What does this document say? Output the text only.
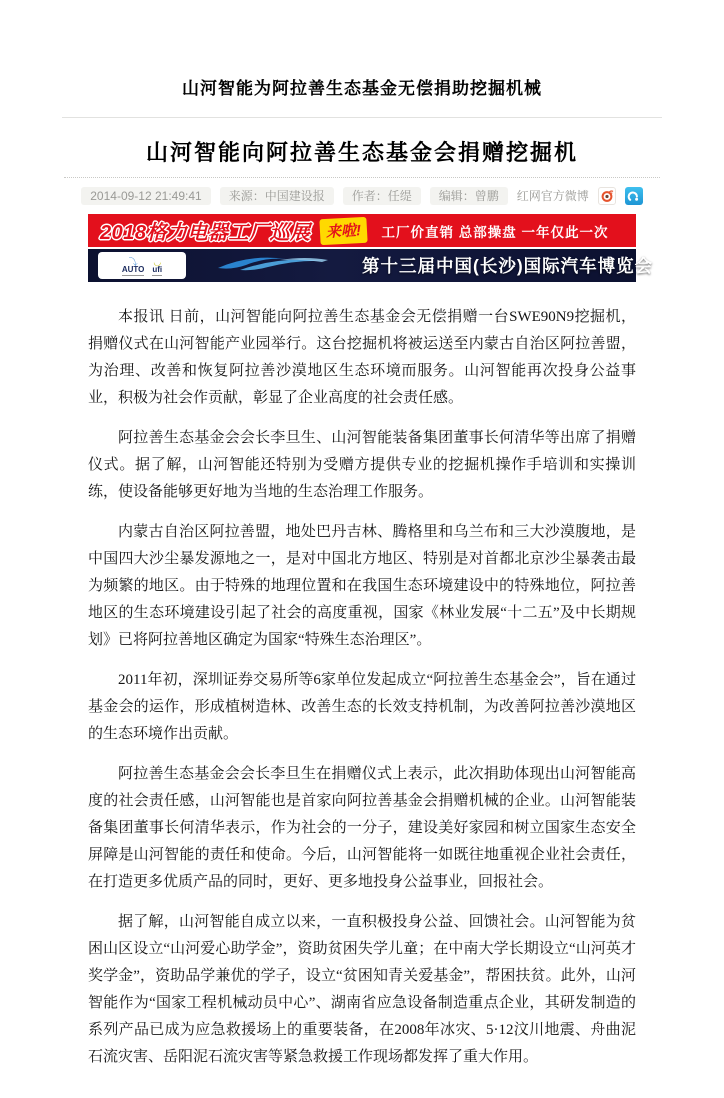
山河智能为阿拉善生态基金无偿捐助挖掘机械
山河智能向阿拉善生态基金会捐赠挖掘机
2014-09-12 21:49:41	来源：中国建设报	作者：任缇	编辑：曾鹏	红网官方微博
2018格力电器工厂巡展 来啦!	工厂价直销 总部操盘 一年仅此一次
⤵
AUTO
◡
ufi	第十三届中国(长沙)国际汽车博览会

本报讯 日前，山河智能向阿拉善生态基金会无偿捐赠一台SWE90N9挖掘机，捐赠仪式在山河智能产业园举行。这台挖掘机将被运送至内蒙古自治区阿拉善盟，为治理、改善和恢复阿拉善沙漠地区生态环境而服务。山河智能再次投身公益事业，积极为社会作贡献，彰显了企业高度的社会责任感。

阿拉善生态基金会会长李旦生、山河智能装备集团董事长何清华等出席了捐赠仪式。据了解，山河智能还特别为受赠方提供专业的挖掘机操作手培训和实操训练，使设备能够更好地为当地的生态治理工作服务。

内蒙古自治区阿拉善盟，地处巴丹吉林、腾格里和乌兰布和三大沙漠腹地，是中国四大沙尘暴发源地之一，是对中国北方地区、特别是对首都北京沙尘暴袭击最为频繁的地区。由于特殊的地理位置和在我国生态环境建设中的特殊地位，阿拉善地区的生态环境建设引起了社会的高度重视，国家《林业发展“十二五”及中长期规划》已将阿拉善地区确定为国家“特殊生态治理区”。

2011年初，深圳证券交易所等6家单位发起成立“阿拉善生态基金会”，旨在通过基金会的运作，形成植树造林、改善生态的长效支持机制，为改善阿拉善沙漠地区的生态环境作出贡献。

阿拉善生态基金会会长李旦生在捐赠仪式上表示，此次捐助体现出山河智能高度的社会责任感，山河智能也是首家向阿拉善基金会捐赠机械的企业。山河智能装备集团董事长何清华表示，作为社会的一分子，建设美好家园和树立国家生态安全屏障是山河智能的责任和使命。今后，山河智能将一如既往地重视企业社会责任，在打造更多优质产品的同时，更好、更多地投身公益事业，回报社会。

据了解，山河智能自成立以来，一直积极投身公益、回馈社会。山河智能为贫困山区设立“山河爱心助学金”，资助贫困失学儿童；在中南大学长期设立“山河英才奖学金”，资助品学兼优的学子，设立“贫困知青关爱基金”，帮困扶贫。此外，山河智能作为“国家工程机械动员中心”、湖南省应急设备制造重点企业，其研发制造的系列产品已成为应急救援场上的重要装备，在2008年冰灾、5·12汶川地震、舟曲泥石流灾害、岳阳泥石流灾害等紧急救援工作现场都发挥了重大作用。
